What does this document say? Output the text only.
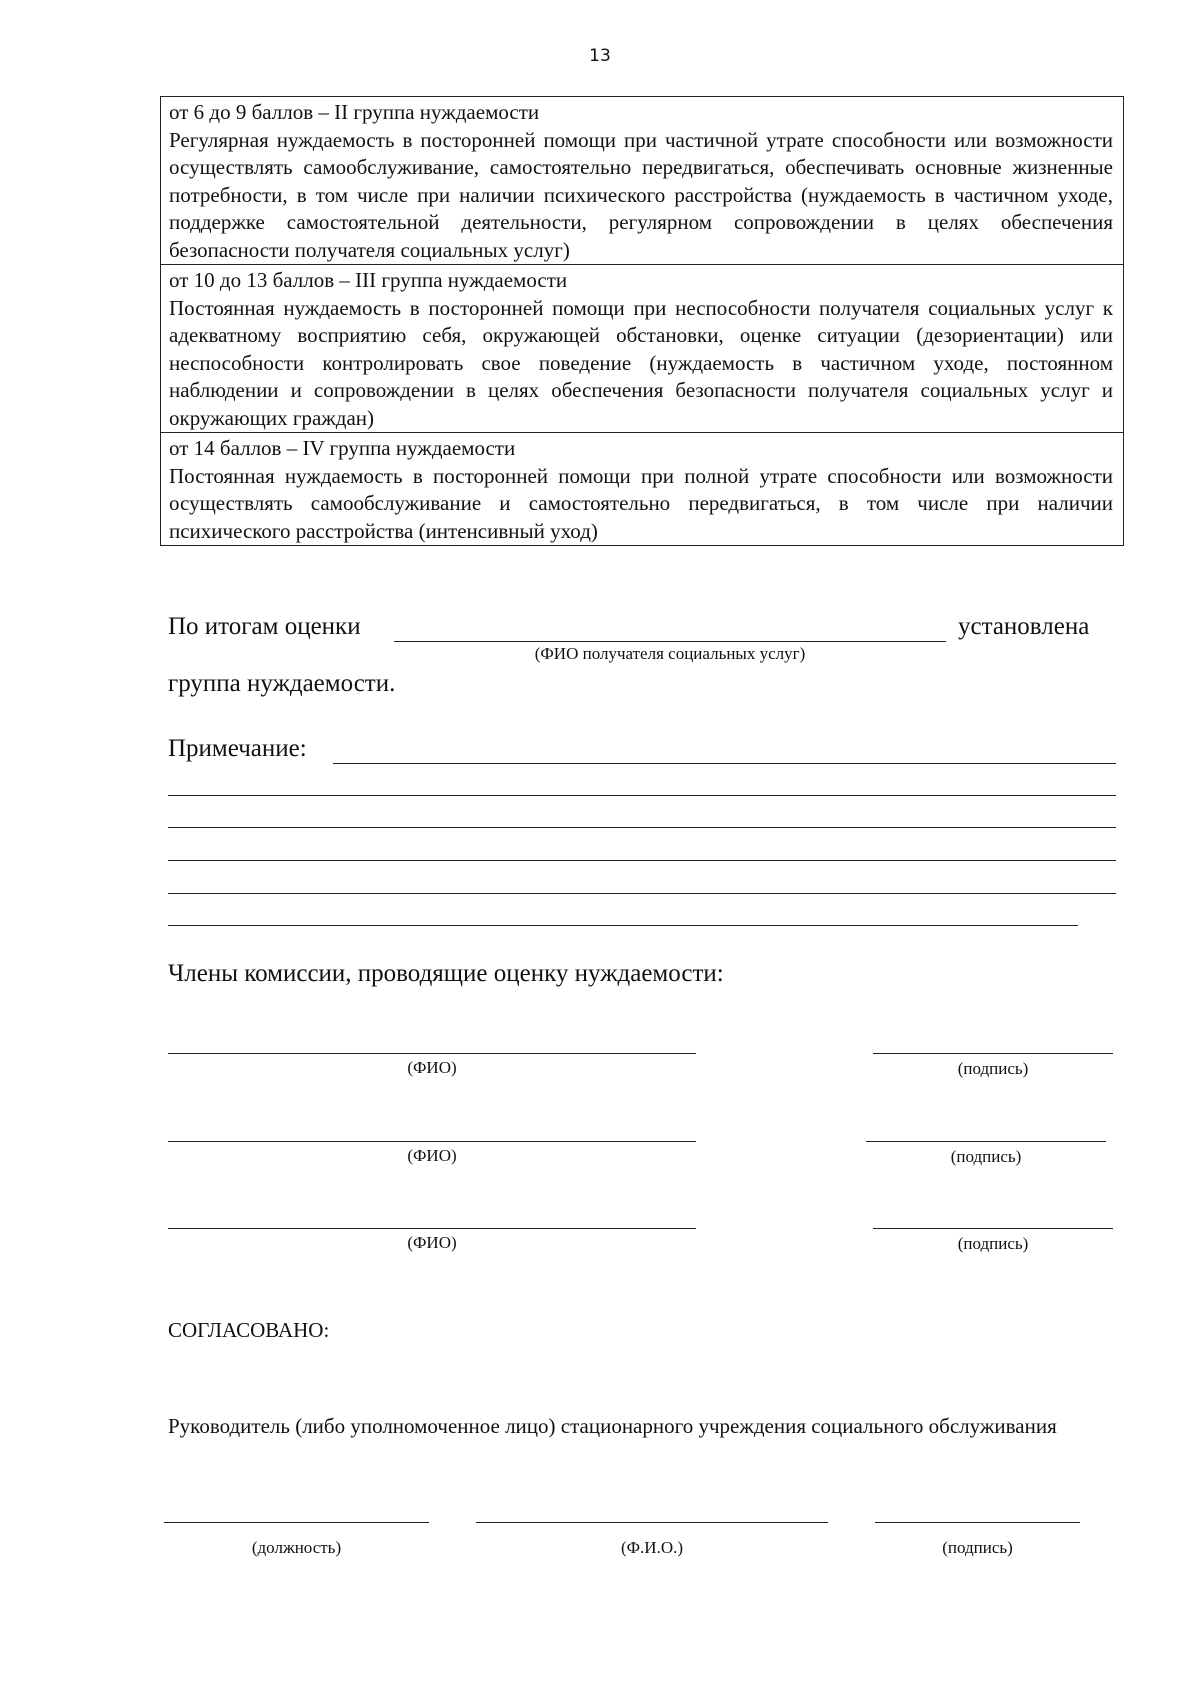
13
от 6 до 9 баллов – II группа нуждаемости
Регулярная нуждаемость в посторонней помощи при частичной утрате способности или возможности осуществлять самообслуживание, самостоятельно передвигаться, обеспечивать основные жизненные потребности, в том числе при наличии психического расстройства (нуждаемость в частичном уходе, поддержке самостоятельной деятельности, регулярном сопровождении в целях обеспечения безопасности получателя социальных услуг)
от 10 до 13 баллов – III группа нуждаемости
Постоянная нуждаемость в посторонней помощи при неспособности получателя социальных услуг к адекватному восприятию себя, окружающей обстановки, оценке ситуации (дезориентации) или неспособности контролировать свое поведение (нуждаемость в частичном уходе, постоянном наблюдении и сопровождении в целях обеспечения безопасности получателя социальных услуг и окружающих граждан)
от 14 баллов – IV группа нуждаемости
Постоянная нуждаемость в посторонней помощи при полной утрате способности или возможности осуществлять самообслуживание и самостоятельно передвигаться, в том числе при наличии психического расстройства (интенсивный уход)
По итогам оценки	установлена
(ФИО получателя социальных услуг)
группа нуждаемости.
Примечание:
Члены комиссии, проводящие оценку нуждаемости:
(ФИО)	(подпись)
(ФИО)	(подпись)
(ФИО)	(подпись)
СОГЛАСОВАНО:
Руководитель (либо уполномоченное лицо) стационарного учреждения социального обслуживания
(должность)	(Ф.И.О.)	(подпись)
